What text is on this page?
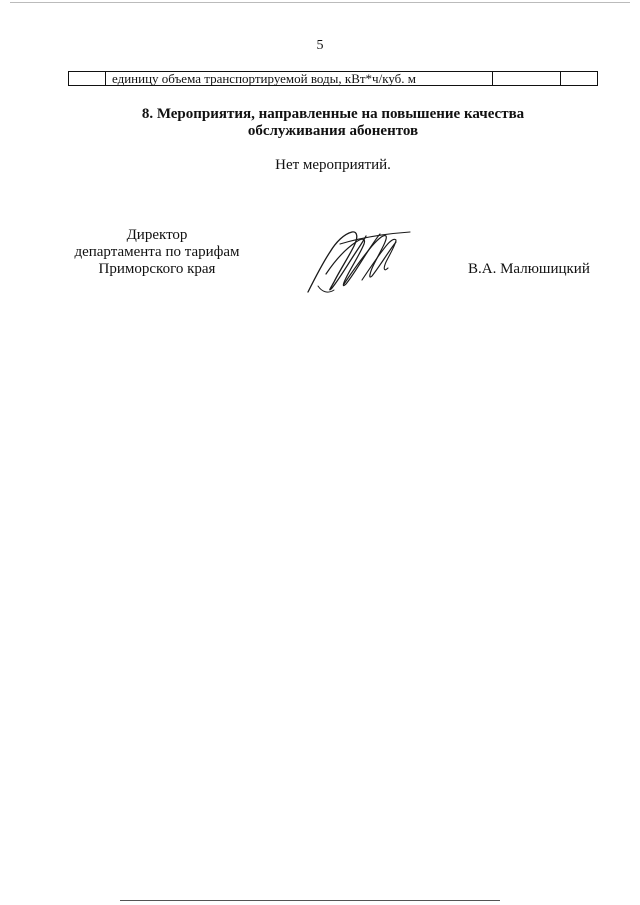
5
единицу объема транспортируемой воды, кВт*ч/куб. м
8. Мероприятия, направленные на повышение качества
обслуживания абонентов
Нет мероприятий.
Директор
департамента по тарифам
Приморского края	В.А. Малюшицкий
